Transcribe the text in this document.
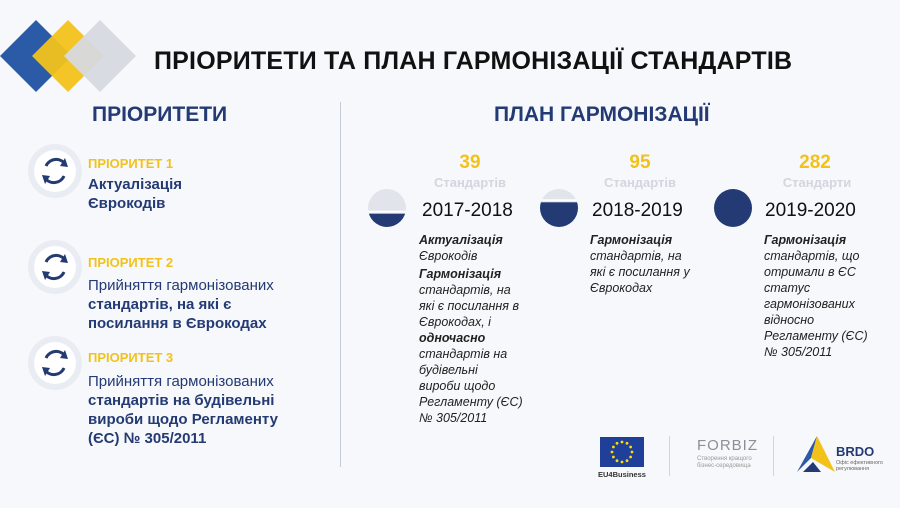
ПРІОРИТЕТИ ТА ПЛАН ГАРМОНІЗАЦІЇ СТАНДАРТІВ
ПРІОРИТЕТИ	ПЛАН ГАРМОНІЗАЦІЇ
ПРІОРИТЕТ 1
Актуалізація
Єврокодів
ПРІОРИТЕТ 2
Прийняття гармонізованих
стандартів, на які є
посилання в Єврокодах
ПРІОРИТЕТ 3
Прийняття гармонізованих
стандартів на будівельні
вироби щодо Регламенту
(ЄС) № 305/2011
39
Стандартів
2017-2018
Актуалізація
Єврокодів
Гармонізація
стандартів, на
які є посилання в
Єврокодах, і
одночасно
стандартів на
будівельні
вироби щодо
Регламенту (ЄС)
№ 305/2011
95
Стандартів
2018-2019
Гармонізація
стандартів, на
які є посилання у
Єврокодах
282
Стандарти
2019-2020
Гармонізація
стандартів, що
отримали в ЄС
статус
гармонізованих
відносно
Регламенту (ЄС)
№ 305/2011
EU4Business
FORBIZ
Створення кращого
бізнес-середовища
BRDO
Офіс ефективного
регулювання
